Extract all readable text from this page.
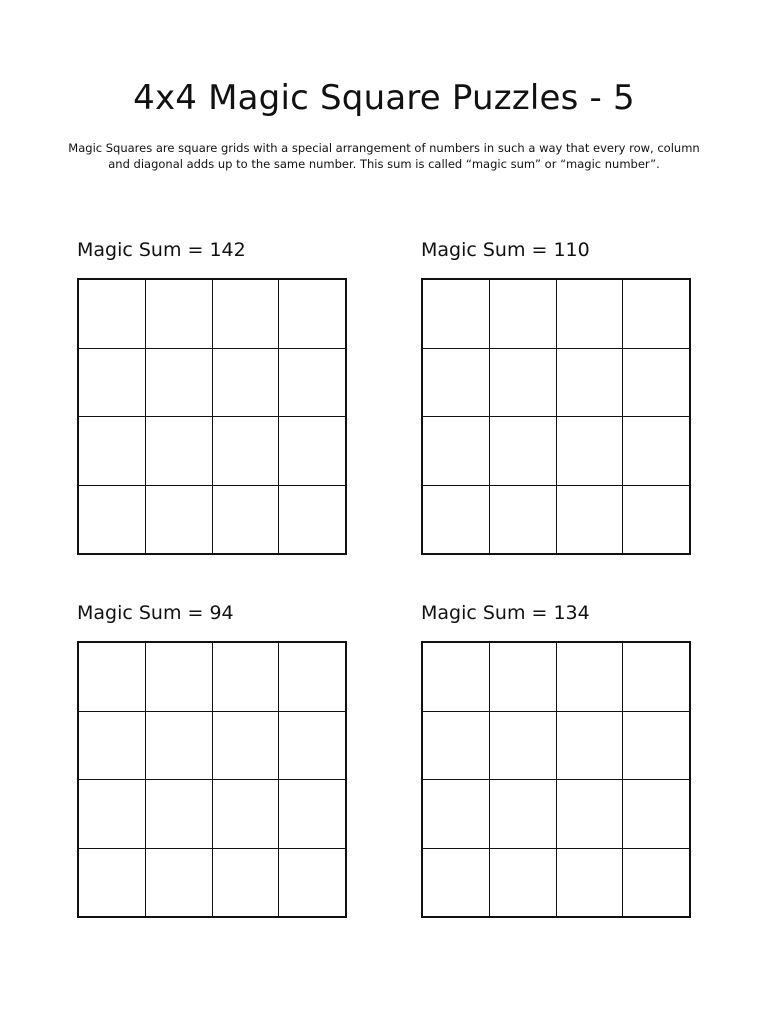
4x4 Magic Square Puzzles - 5

Magic Squares are square grids with a special arrangement of numbers in such a way that every row, column and diagonal adds up to the same number. This sum is called “magic sum” or “magic number”.

Magic Sum = 142	Magic Sum = 110
Magic Sum = 94	Magic Sum = 134
